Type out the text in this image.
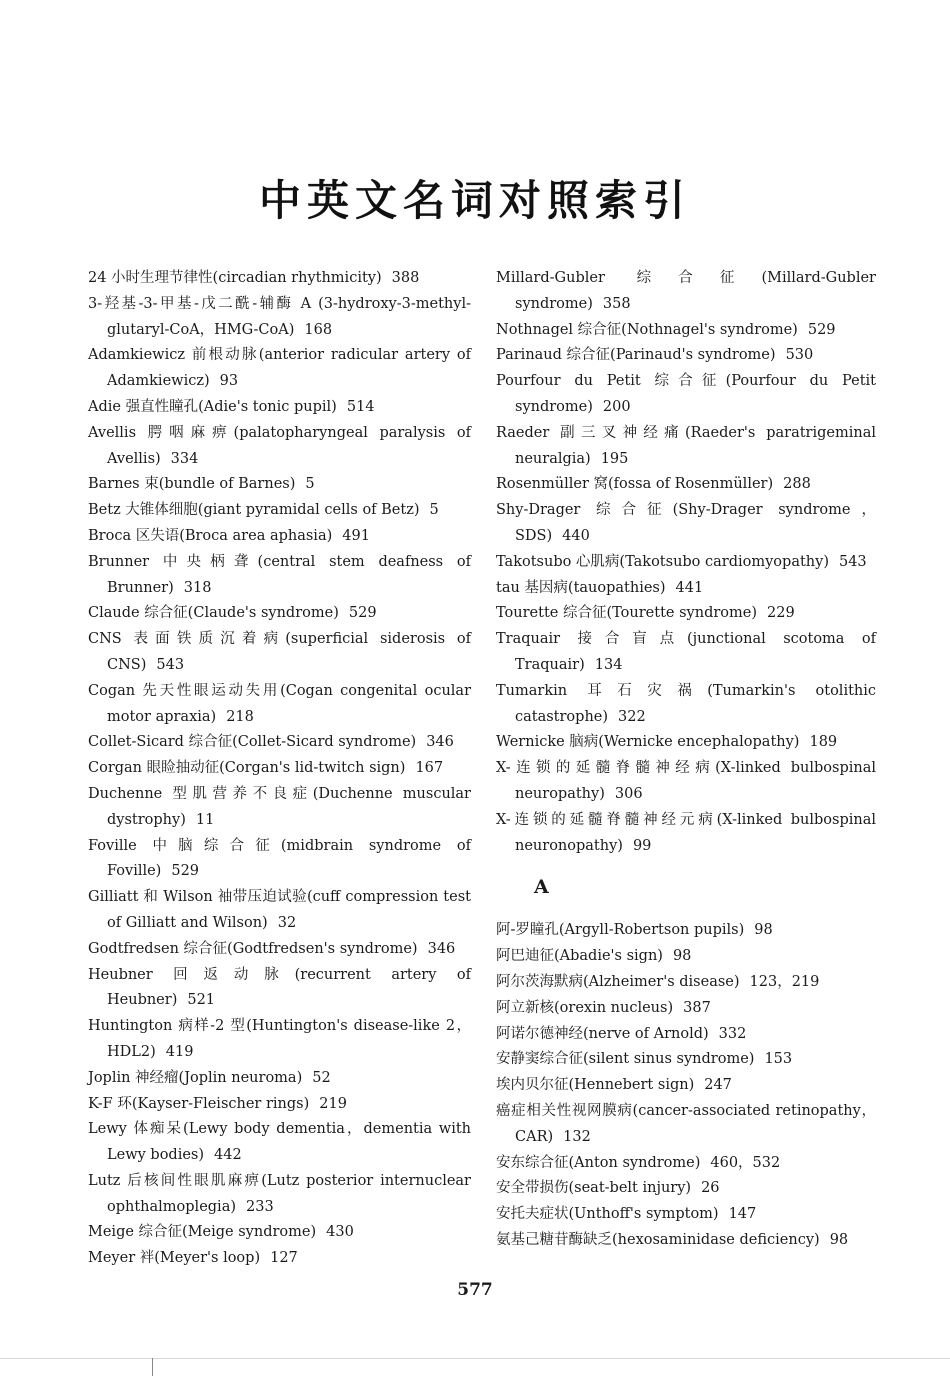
中英文名词对照索引
24 小时生理节律性(circadian rhythmicity) 388
3-羟基-3-甲基-戊二酰-辅酶 A (3-hydroxy-3-methyl-glutaryl-CoA，HMG-CoA) 168
Adamkiewicz 前根动脉(anterior radicular artery of Adamkiewicz) 93
Adie 强直性瞳孔(Adie's tonic pupil) 514
Avellis 腭咽麻痹(palatopharyngeal paralysis of Avellis) 334
Barnes 束(bundle of Barnes) 5
Betz 大锥体细胞(giant pyramidal cells of Betz) 5
Broca 区失语(Broca area aphasia) 491
Brunner 中央柄聋(central stem deafness of Brunner) 318
Claude 综合征(Claude's syndrome) 529
CNS 表面铁质沉着病(superficial siderosis of CNS) 543
Cogan 先天性眼运动失用(Cogan congenital ocular motor apraxia) 218
Collet-Sicard 综合征(Collet-Sicard syndrome) 346
Corgan 眼睑抽动征(Corgan's lid-twitch sign) 167
Duchenne 型肌营养不良症(Duchenne muscular dystrophy) 11
Foville 中脑综合征(midbrain syndrome of Foville) 529
Gilliatt 和 Wilson 袖带压迫试验(cuff compression test of Gilliatt and Wilson) 32
Godtfredsen 综合征(Godtfredsen's syndrome) 346
Heubner 回返动脉(recurrent artery of Heubner) 521
Huntington 病样-2 型(Huntington's disease-like 2，HDL2) 419
Joplin 神经瘤(Joplin neuroma) 52
K-F 环(Kayser-Fleischer rings) 219
Lewy 体痴呆(Lewy body dementia，dementia with Lewy bodies) 442
Lutz 后核间性眼肌麻痹(Lutz posterior internuclear ophthalmoplegia) 233
Meige 综合征(Meige syndrome) 430
Meyer 袢(Meyer's loop) 127
Millard-Gubler 综合征(Millard-Gubler syndrome) 358
Nothnagel 综合征(Nothnagel's syndrome) 529
Parinaud 综合征(Parinaud's syndrome) 530
Pourfour du Petit 综合征(Pourfour du Petit syndrome) 200
Raeder 副三叉神经痛(Raeder's paratrigeminal neuralgia) 195
Rosenmüller 窝(fossa of Rosenmüller) 288
Shy-Drager 综合征(Shy-Drager syndrome，SDS) 440
Takotsubo 心肌病(Takotsubo cardiomyopathy) 543
tau 基因病(tauopathies) 441
Tourette 综合征(Tourette syndrome) 229
Traquair 接合盲点(junctional scotoma of Traquair) 134
Tumarkin 耳石灾祸(Tumarkin's otolithic catastrophe) 322
Wernicke 脑病(Wernicke encephalopathy) 189
X-连锁的延髓脊髓神经病(X-linked bulbospinal neuropathy) 306
X-连锁的延髓脊髓神经元病(X-linked bulbospinal neuronopathy) 99
A
阿-罗瞳孔(Argyll-Robertson pupils) 98
阿巴迪征(Abadie's sign) 98
阿尔茨海默病(Alzheimer's disease) 123，219
阿立新核(orexin nucleus) 387
阿诺尔德神经(nerve of Arnold) 332
安静窦综合征(silent sinus syndrome) 153
埃内贝尔征(Hennebert sign) 247
癌症相关性视网膜病(cancer-associated retinopathy，CAR) 132
安东综合征(Anton syndrome) 460，532
安全带损伤(seat-belt injury) 26
安托夫症状(Unthoff's symptom) 147
氨基己糖苷酶缺乏(hexosaminidase deficiency) 98
577
